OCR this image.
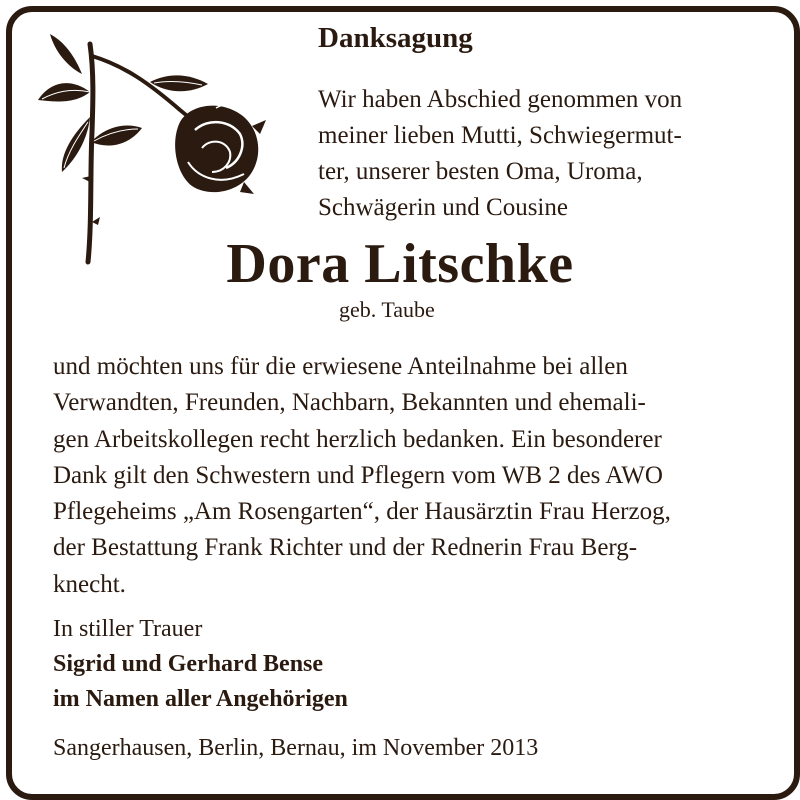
Danksagung
Wir haben Abschied genommen von
meiner lieben Mutti, Schwiegermut-
ter, unserer besten Oma, Uroma,
Schwägerin und Cousine
Dora Litschke
geb. Taube
und möchten uns für die erwiesene Anteilnahme bei allen
Verwandten, Freunden, Nachbarn, Bekannten und ehemali-
gen Arbeitskollegen recht herzlich bedanken. Ein besonderer
Dank gilt den Schwestern und Pflegern vom WB 2 des AWO
Pflegeheims „Am Rosengarten“, der Hausärztin Frau Herzog,
der Bestattung Frank Richter und der Rednerin Frau Berg-
knecht.
In stiller Trauer
Sigrid und Gerhard Bense
im Namen aller Angehörigen
Sangerhausen, Berlin, Bernau, im November 2013
